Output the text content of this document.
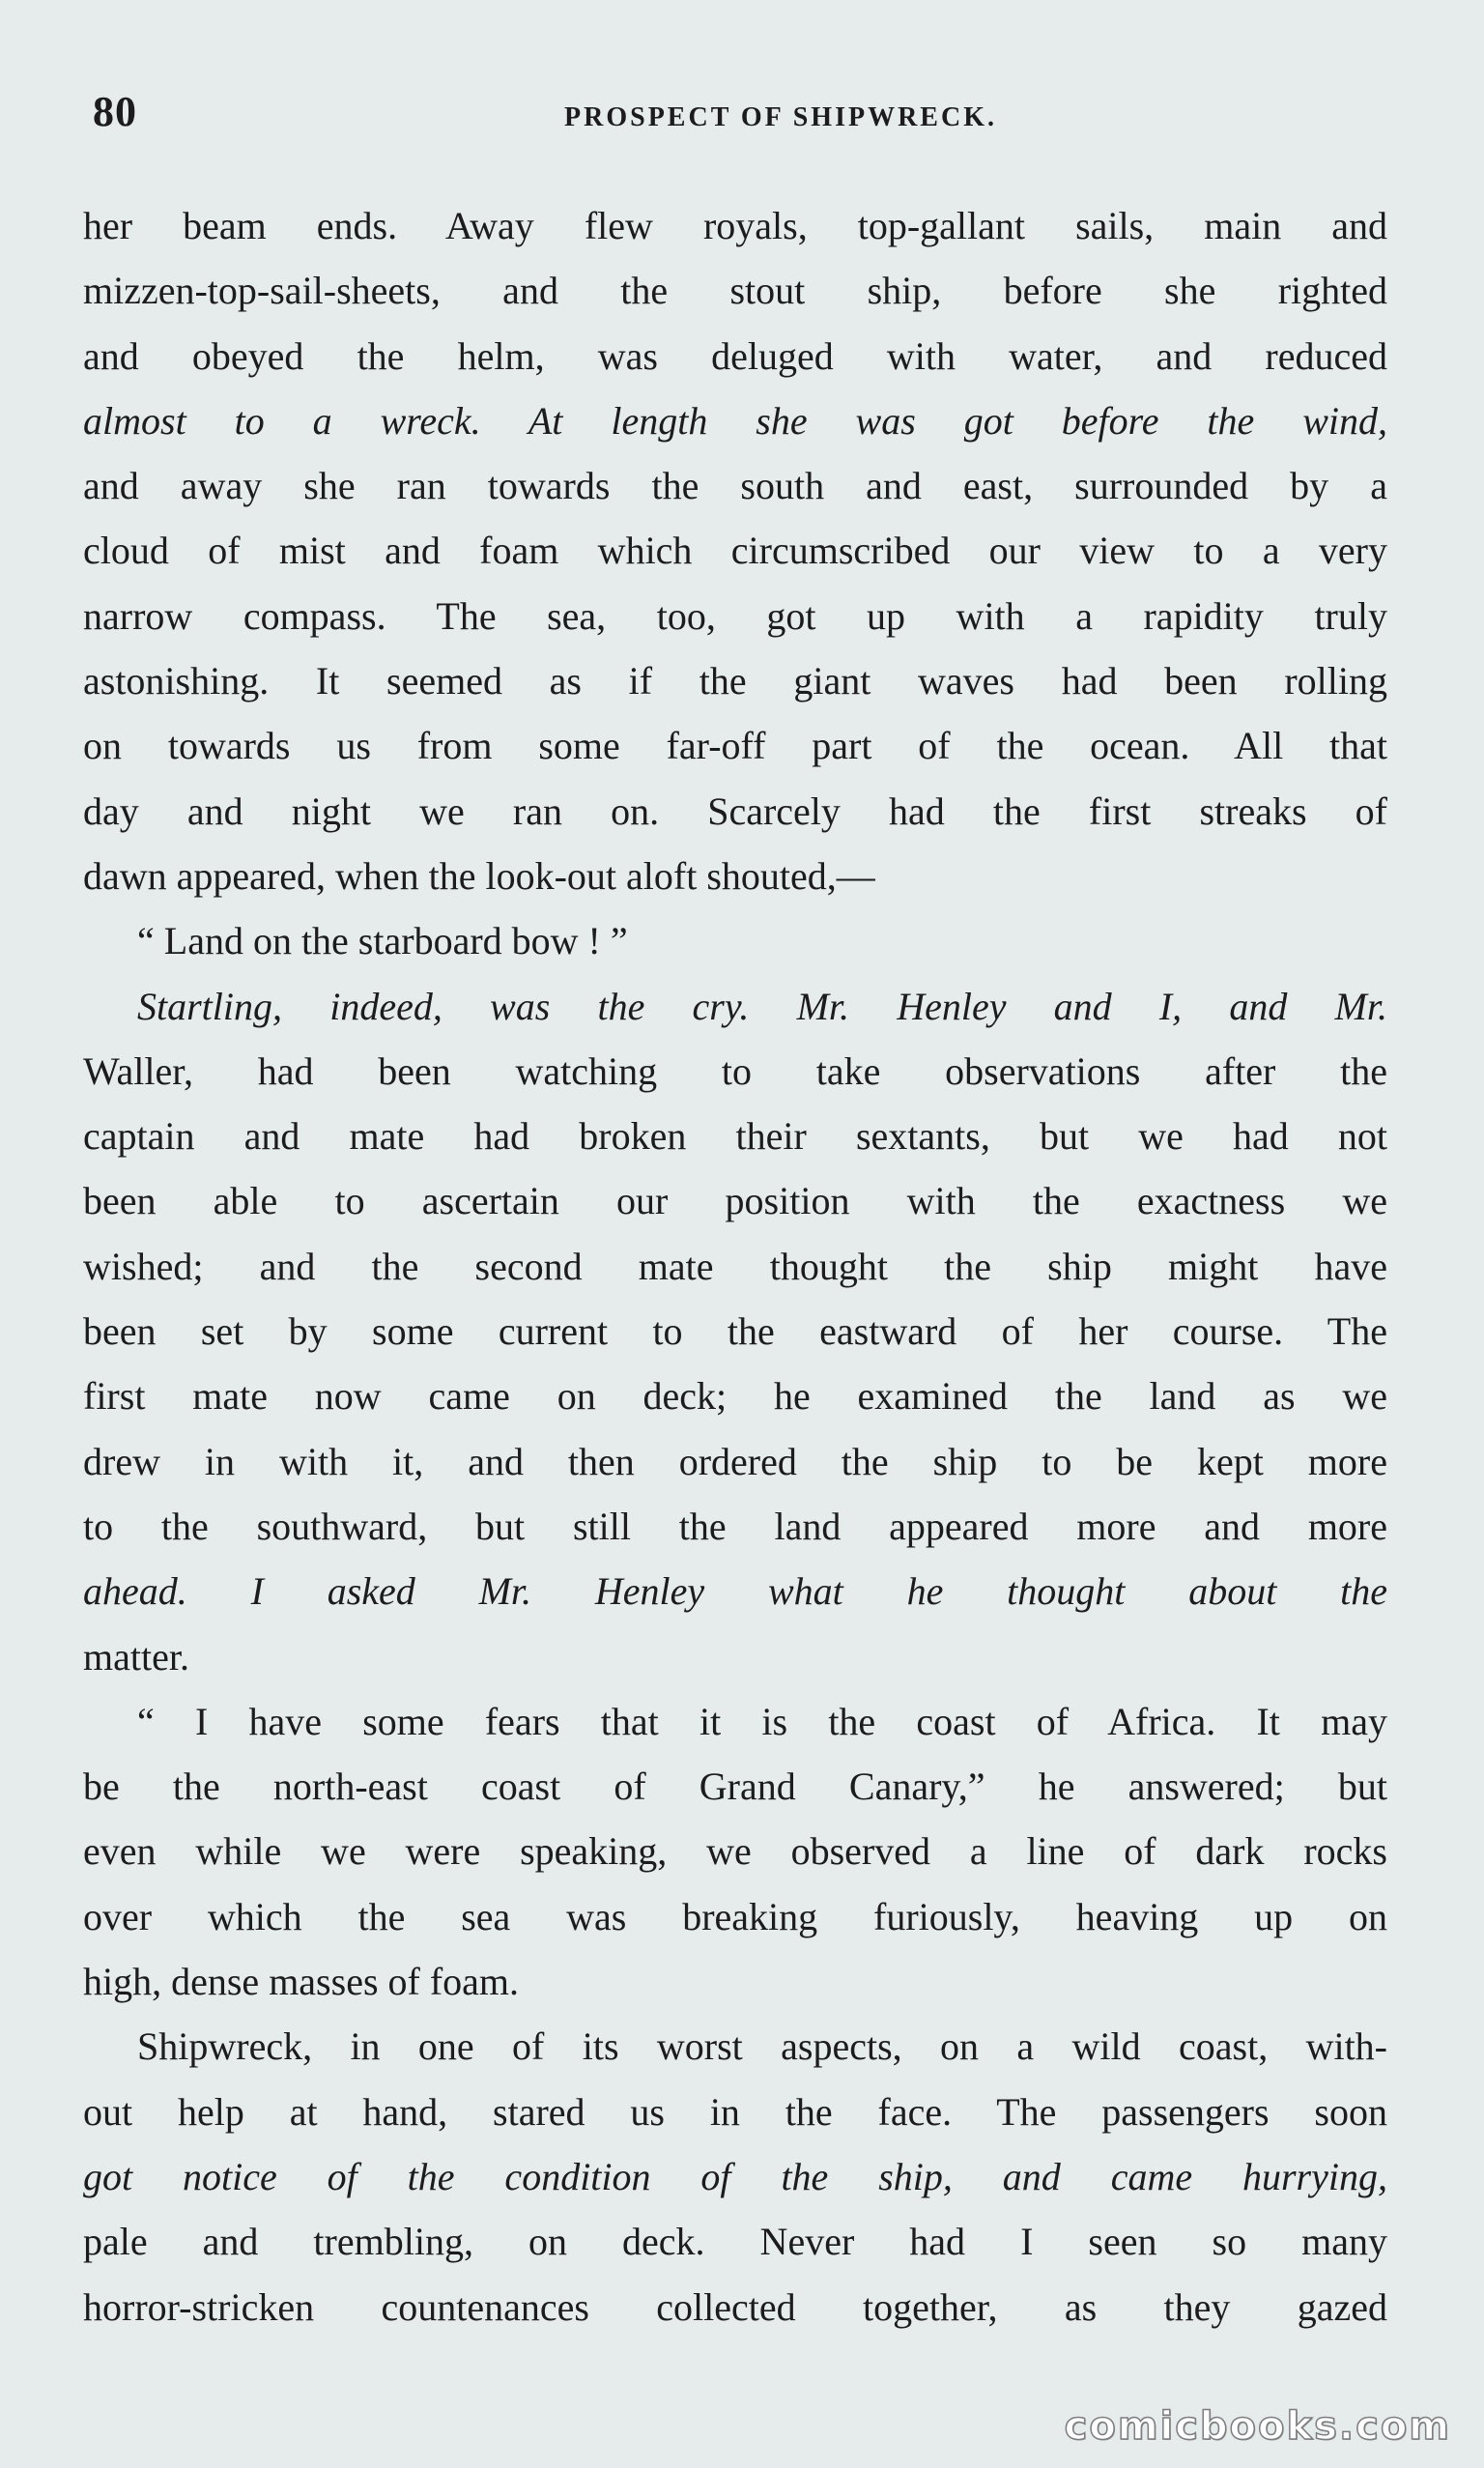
80	PROSPECT OF SHIPWRECK.
her beam ends. Away flew royals, top-gallant sails, main and
mizzen-top-sail-sheets, and the stout ship, before she righted
and obeyed the helm, was deluged with water, and reduced
almost to a wreck. At length she was got before the wind,
and away she ran towards the south and east, surrounded by a
cloud of mist and foam which circumscribed our view to a very
narrow compass. The sea, too, got up with a rapidity truly
astonishing. It seemed as if the giant waves had been rolling
on towards us from some far-off part of the ocean. All that
day and night we ran on. Scarcely had the first streaks of
dawn appeared, when the look-out aloft shouted,—
“ Land on the starboard bow ! ”
Startling, indeed, was the cry. Mr. Henley and I, and Mr.
Waller, had been watching to take observations after the
captain and mate had broken their sextants, but we had not
been able to ascertain our position with the exactness we
wished; and the second mate thought the ship might have
been set by some current to the eastward of her course. The
first mate now came on deck; he examined the land as we
drew in with it, and then ordered the ship to be kept more
to the southward, but still the land appeared more and more
ahead. I asked Mr. Henley what he thought about the
matter.
“ I have some fears that it is the coast of Africa. It may
be the north-east coast of Grand Canary,” he answered; but
even while we were speaking, we observed a line of dark rocks
over which the sea was breaking furiously, heaving up on
high, dense masses of foam.
Shipwreck, in one of its worst aspects, on a wild coast, with-
out help at hand, stared us in the face. The passengers soon
got notice of the condition of the ship, and came hurrying,
pale and trembling, on deck. Never had I seen so many
horror-stricken countenances collected together, as they gazed
comicbooks.com
